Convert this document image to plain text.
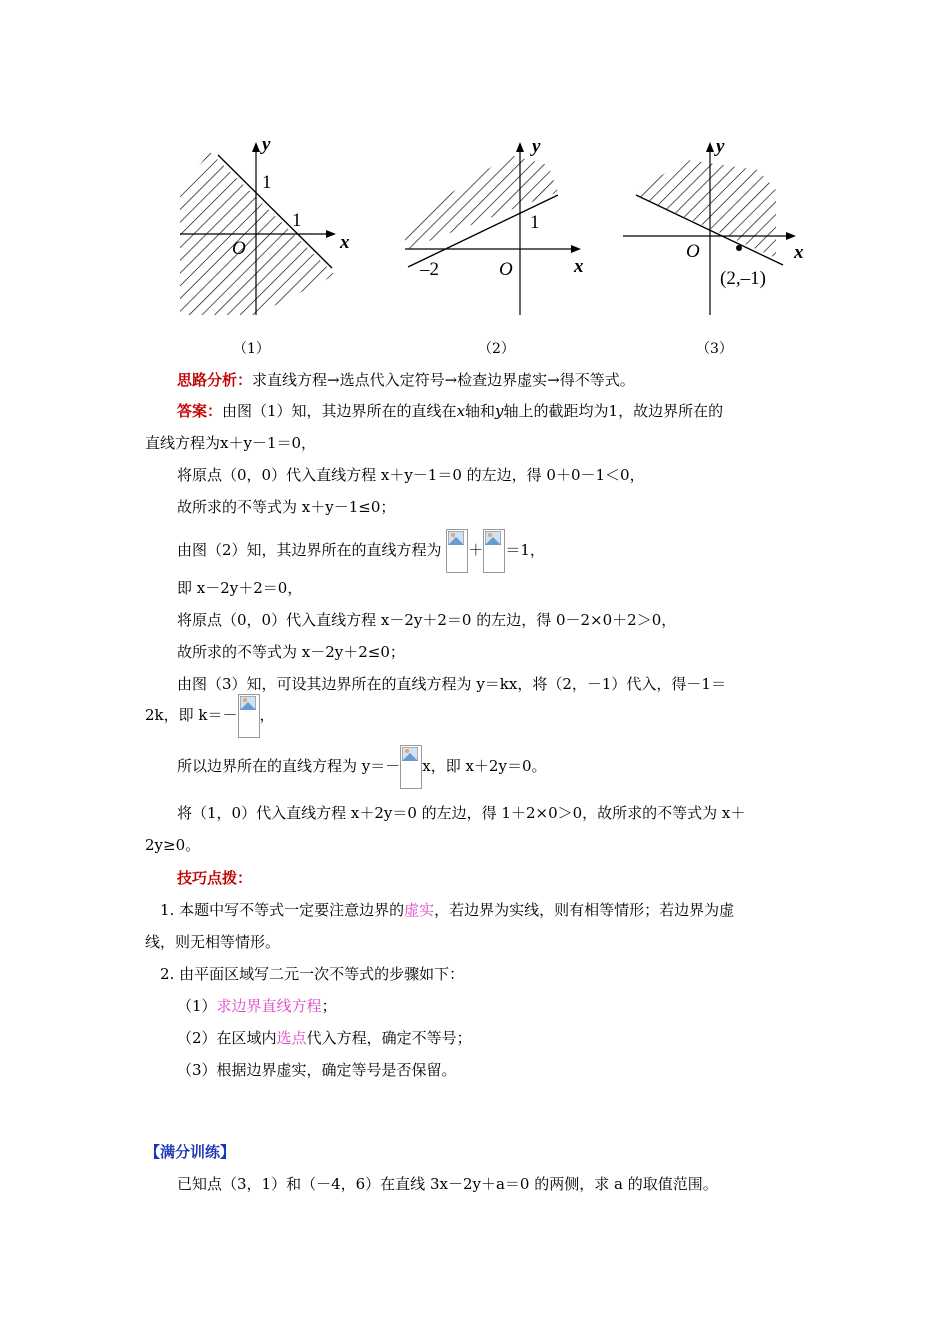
y
x
O
1
1
（1）
y
x
O
–2
1
（2）
y
x
O
(2,–1)
（3）
思路分析：求直线方程→选点代入定符号→检查边界虚实→得不等式。
答案：由图（1）知，其边界所在的直线在x轴和y轴上的截距均为1，故边界所在的
直线方程为x＋y－1＝0，
将原点（0，0）代入直线方程 x＋y－1＝0 的左边，得 0＋0－1＜0，
故所求的不等式为 x＋y－1≤0；
由图（2）知，其边界所在的直线方程为 ＋ ＝1，
即 x－2y＋2＝0，
将原点（0，0）代入直线方程 x－2y＋2＝0 的左边，得 0－2×0＋2＞0，
故所求的不等式为 x－2y＋2≤0；
由图（3）知，可设其边界所在的直线方程为 y＝kx，将（2，－1）代入，得－1＝
2k，即 k＝－ ，
所以边界所在的直线方程为 y＝－ x，即 x＋2y＝0。
将（1，0）代入直线方程 x＋2y＝0 的左边，得 1＋2×0＞0，故所求的不等式为 x＋
2y≥0。
技巧点拨：
1. 本题中写不等式一定要注意边界的虚实，若边界为实线，则有相等情形；若边界为虚
线，则无相等情形。
2. 由平面区域写二元一次不等式的步骤如下：
（1）求边界直线方程；
（2）在区域内选点代入方程，确定不等号；
（3）根据边界虚实，确定等号是否保留。
【满分训练】
已知点（3，1）和（－4，6）在直线 3x－2y＋a＝0 的两侧，求 a 的取值范围。
